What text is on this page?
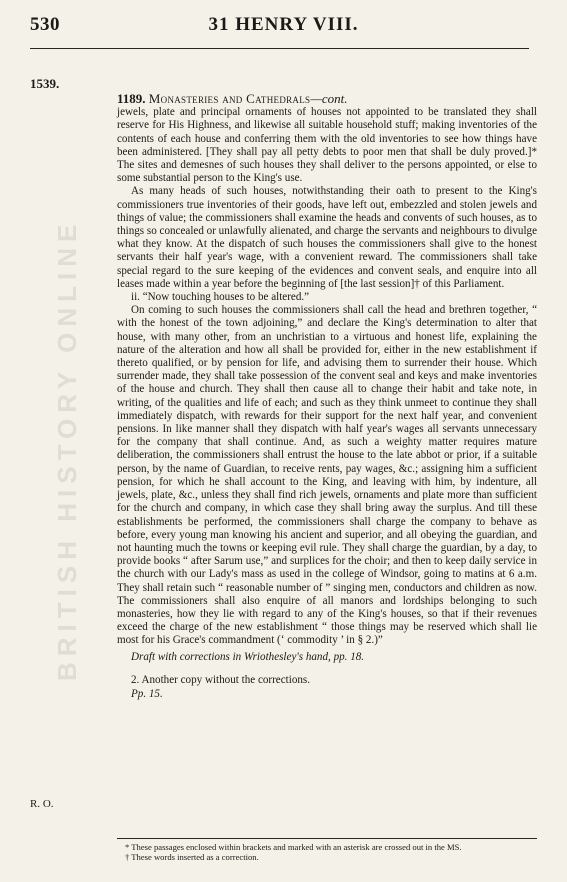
530	31 HENRY VIII.
1539.
BRITISH HISTORY ONLINE
1189. Monasteries and Cathedrals—cont.

jewels, plate and principal ornaments of houses not appointed to be translated they shall reserve for His Highness, and likewise all suitable household stuff; making inventories of the contents of each house and conferring them with the old inventories to see how things have been administered. [They shall pay all petty debts to poor men that shall be duly proved.]* The sites and demesnes of such houses they shall deliver to the persons appointed, or else to some substantial person to the King's use.

As many heads of such houses, notwithstanding their oath to present to the King's commissioners true inventories of their goods, have left out, embezzled and stolen jewels and things of value; the commissioners shall examine the heads and convents of such houses, as to things so concealed or unlawfully alienated, and charge the servants and neighbours to divulge what they know. At the dispatch of such houses the commissioners shall give to the honest servants their half year's wage, with a convenient reward. The commissioners shall take special regard to the sure keeping of the evidences and convent seals, and enquire into all leases made within a year before the beginning of [the last session]† of this Parliament.

ii. “Now touching houses to be altered.”

On coming to such houses the commissioners shall call the head and brethren together, “ with the honest of the town adjoining,” and declare the King's determination to alter that house, with many other, from an unchristian to a virtuous and honest life, explaining the nature of the alteration and how all shall be provided for, either in the new establishment if thereto qualified, or by pension for life, and advising them to surrender their house. Which surrender made, they shall take possession of the convent seal and keys and make inventories of the house and church. They shall then cause all to change their habit and take note, in writing, of the qualities and life of each; and such as they think unmeet to continue they shall immediately dispatch, with rewards for their support for the next half year, and convenient pensions. In like manner shall they dispatch with half year's wages all servants unnecessary for the company that shall continue. And, as such a weighty matter requires mature deliberation, the commissioners shall entrust the house to the late abbot or prior, if a suitable person, by the name of Guardian, to receive rents, pay wages, &c.; assigning him a sufficient pension, for which he shall account to the King, and leaving with him, by indenture, all jewels, plate, &c., unless they shall find rich jewels, ornaments and plate more than sufficient for the church and company, in which case they shall bring away the surplus. And till these establishments be performed, the commissioners shall charge the company to behave as before, every young man knowing his ancient and superior, and all obeying the guardian, and not haunting much the towns or keeping evil rule. They shall charge the guardian, by a day, to provide books “ after Sarum use,” and surplices for the choir; and then to keep daily service in the church with our Lady's mass as used in the college of Windsor, going to matins at 6 a.m. They shall retain such “ reasonable number of ” singing men, conductors and children as now. The commissioners shall also enquire of all manors and lordships belonging to such monasteries, how they lie with regard to any of the King's houses, so that if their revenues exceed the charge of the new establishment “ those things may be reserved which shall lie most for his Grace's commandment (‘ commodity ’ in § 2.)”

Draft with corrections in Wriothesley's hand, pp. 18.
2. Another copy without the corrections.
Pp. 15.
R. O.
* These passages enclosed within brackets and marked with an asterisk are crossed out in the MS.
† These words inserted as a correction.
